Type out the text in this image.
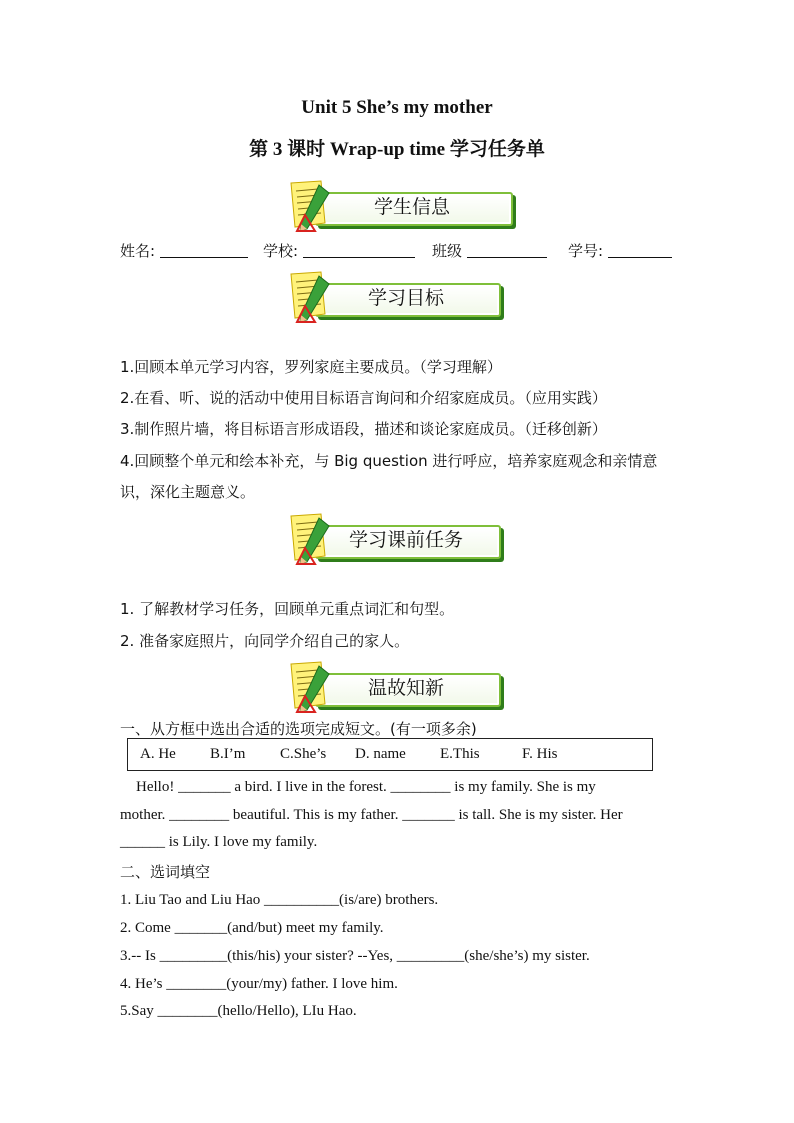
Unit 5 She’s my mother
第 3 课时 Wrap-up time 学习任务单
学生信息
姓名:	学校:	班级	学号:
学习目标
1.回顾本单元学习内容，罗列家庭主要成员。（学习理解）
2.在看、听、说的活动中使用目标语言询问和介绍家庭成员。（应用实践）
3.制作照片墙，将目标语言形成语段，描述和谈论家庭成员。（迁移创新）
4.回顾整个单元和绘本补充，与 Big question 进行呼应，培养家庭观念和亲情意
识，深化主题意义。
学习课前任务
1. 了解教材学习任务，回顾单元重点词汇和句型。
2. 准备家庭照片，向同学介绍自己的家人。
温故知新
一、从方框中选出合适的选项完成短文。(有一项多余)
A. He B.I’m C.She’s D. name E.This	F. His
Hello! _______ a bird. I live in the forest. ________ is my family. She is my
mother. ________ beautiful. This is my father. _______ is tall. She is my sister. Her
______ is Lily. I love my family.
二、选词填空
1. Liu Tao and Liu Hao __________(is/are) brothers.
2. Come _______(and/but) meet my family.
3.-- Is _________(this/his) your sister? --Yes, _________(she/she’s) my sister.
4. He’s ________(your/my) father. I love him.
5.Say ________(hello/Hello), LIu Hao.
